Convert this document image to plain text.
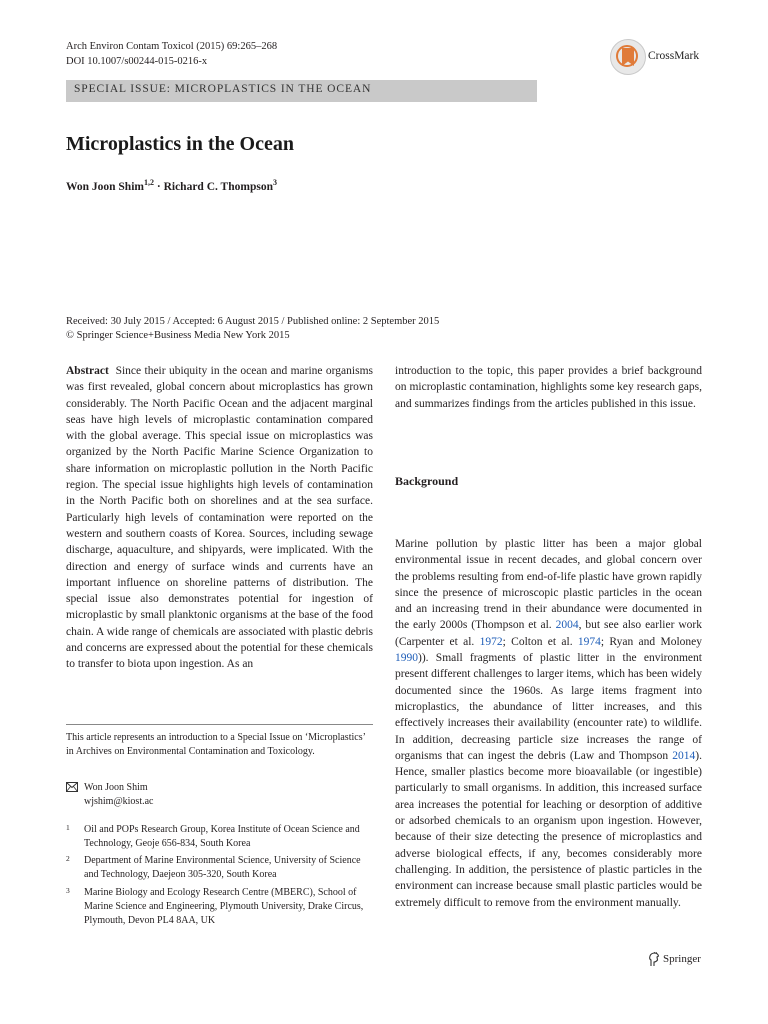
Arch Environ Contam Toxicol (2015) 69:265–268
DOI 10.1007/s00244-015-0216-x	CrossMark
SPECIAL ISSUE: MICROPLASTICS IN THE OCEAN
Microplastics in the Ocean
Won Joon Shim$^{1,2}$ · Richard C. Thompson$^3$
Received: 30 July 2015 / Accepted: 6 August 2015 / Published online: 2 September 2015
© Springer Science+Business Media New York 2015

Abstract Since their ubiquity in the ocean and marine organisms was first revealed, global concern about microplastics has grown considerably. The North Pacific Ocean and the adjacent marginal seas have high levels of microplastic contamination compared with the global average. This special issue on microplastics was organized by the North Pacific Marine Science Organization to share information on microplastic pollution in the North Pacific region. The special issue highlights high levels of contamination in the North Pacific both on shorelines and at the sea surface. Particularly high levels of contamination were reported on the western and southern coasts of Korea. Sources, including sewage discharge, aquaculture, and shipyards, were implicated. With the direction and energy of surface winds and currents have an important influence on shoreline patterns of distribution. The special issue also demonstrates potential for ingestion of microplastic by small planktonic organisms at the base of the food chain. A wide range of chemicals are associated with plastic debris and concerns are expressed about the potential for these chemicals to transfer to biota upon ingestion. As an

introduction to the topic, this paper provides a brief background on microplastic contamination, highlights some key research gaps, and summarizes findings from the articles published in this issue.

Background

Marine pollution by plastic litter has been a major global environmental issue in recent decades, and global concern over the problems resulting from end-of-life plastic have grown rapidly since the presence of microscopic plastic particles in the ocean and an increasing trend in their abundance were documented in the early 2000s (Thompson et al. 2004, but see also earlier work (Carpenter et al. 1972; Colton et al. 1974; Ryan and Moloney 1990)). Small fragments of plastic litter in the environment present different challenges to larger items, which has been widely documented since the 1960s. As large items fragment into microplastics, the abundance of litter increases, and this effectively increases their availability (encounter rate) to wildlife. In addition, decreasing particle size increases the range of organisms that can ingest the debris (Law and Thompson 2014). Hence, smaller plastics become more bioavailable (or ingestible) particularly to small organisms. In addition, this increased surface area increases the potential for leaching or desorption of additive or adsorbed chemicals to an organism upon ingestion. However, because of their size detecting the presence of microplastics and adverse biological effects, if any, becomes considerably more challenging. In addition, the persistence of plastic particles in the environment can increase because small plastic particles would be extremely difficult to remove from the environment manually.

This article represents an introduction to a Special Issue on ‘Microplastics’ in Archives on Environmental Contamination and Toxicology.
Won Joon Shim
wjshim@kiost.ac
1 Oil and POPs Research Group, Korea Institute of Ocean Science and Technology, Geoje 656-834, South Korea
2 Department of Marine Environmental Science, University of Science and Technology, Daejeon 305-320, South Korea
3 Marine Biology and Ecology Research Centre (MBERC), School of Marine Science and Engineering, Plymouth University, Drake Circus, Plymouth, Devon PL4 8AA, UK
Springer
